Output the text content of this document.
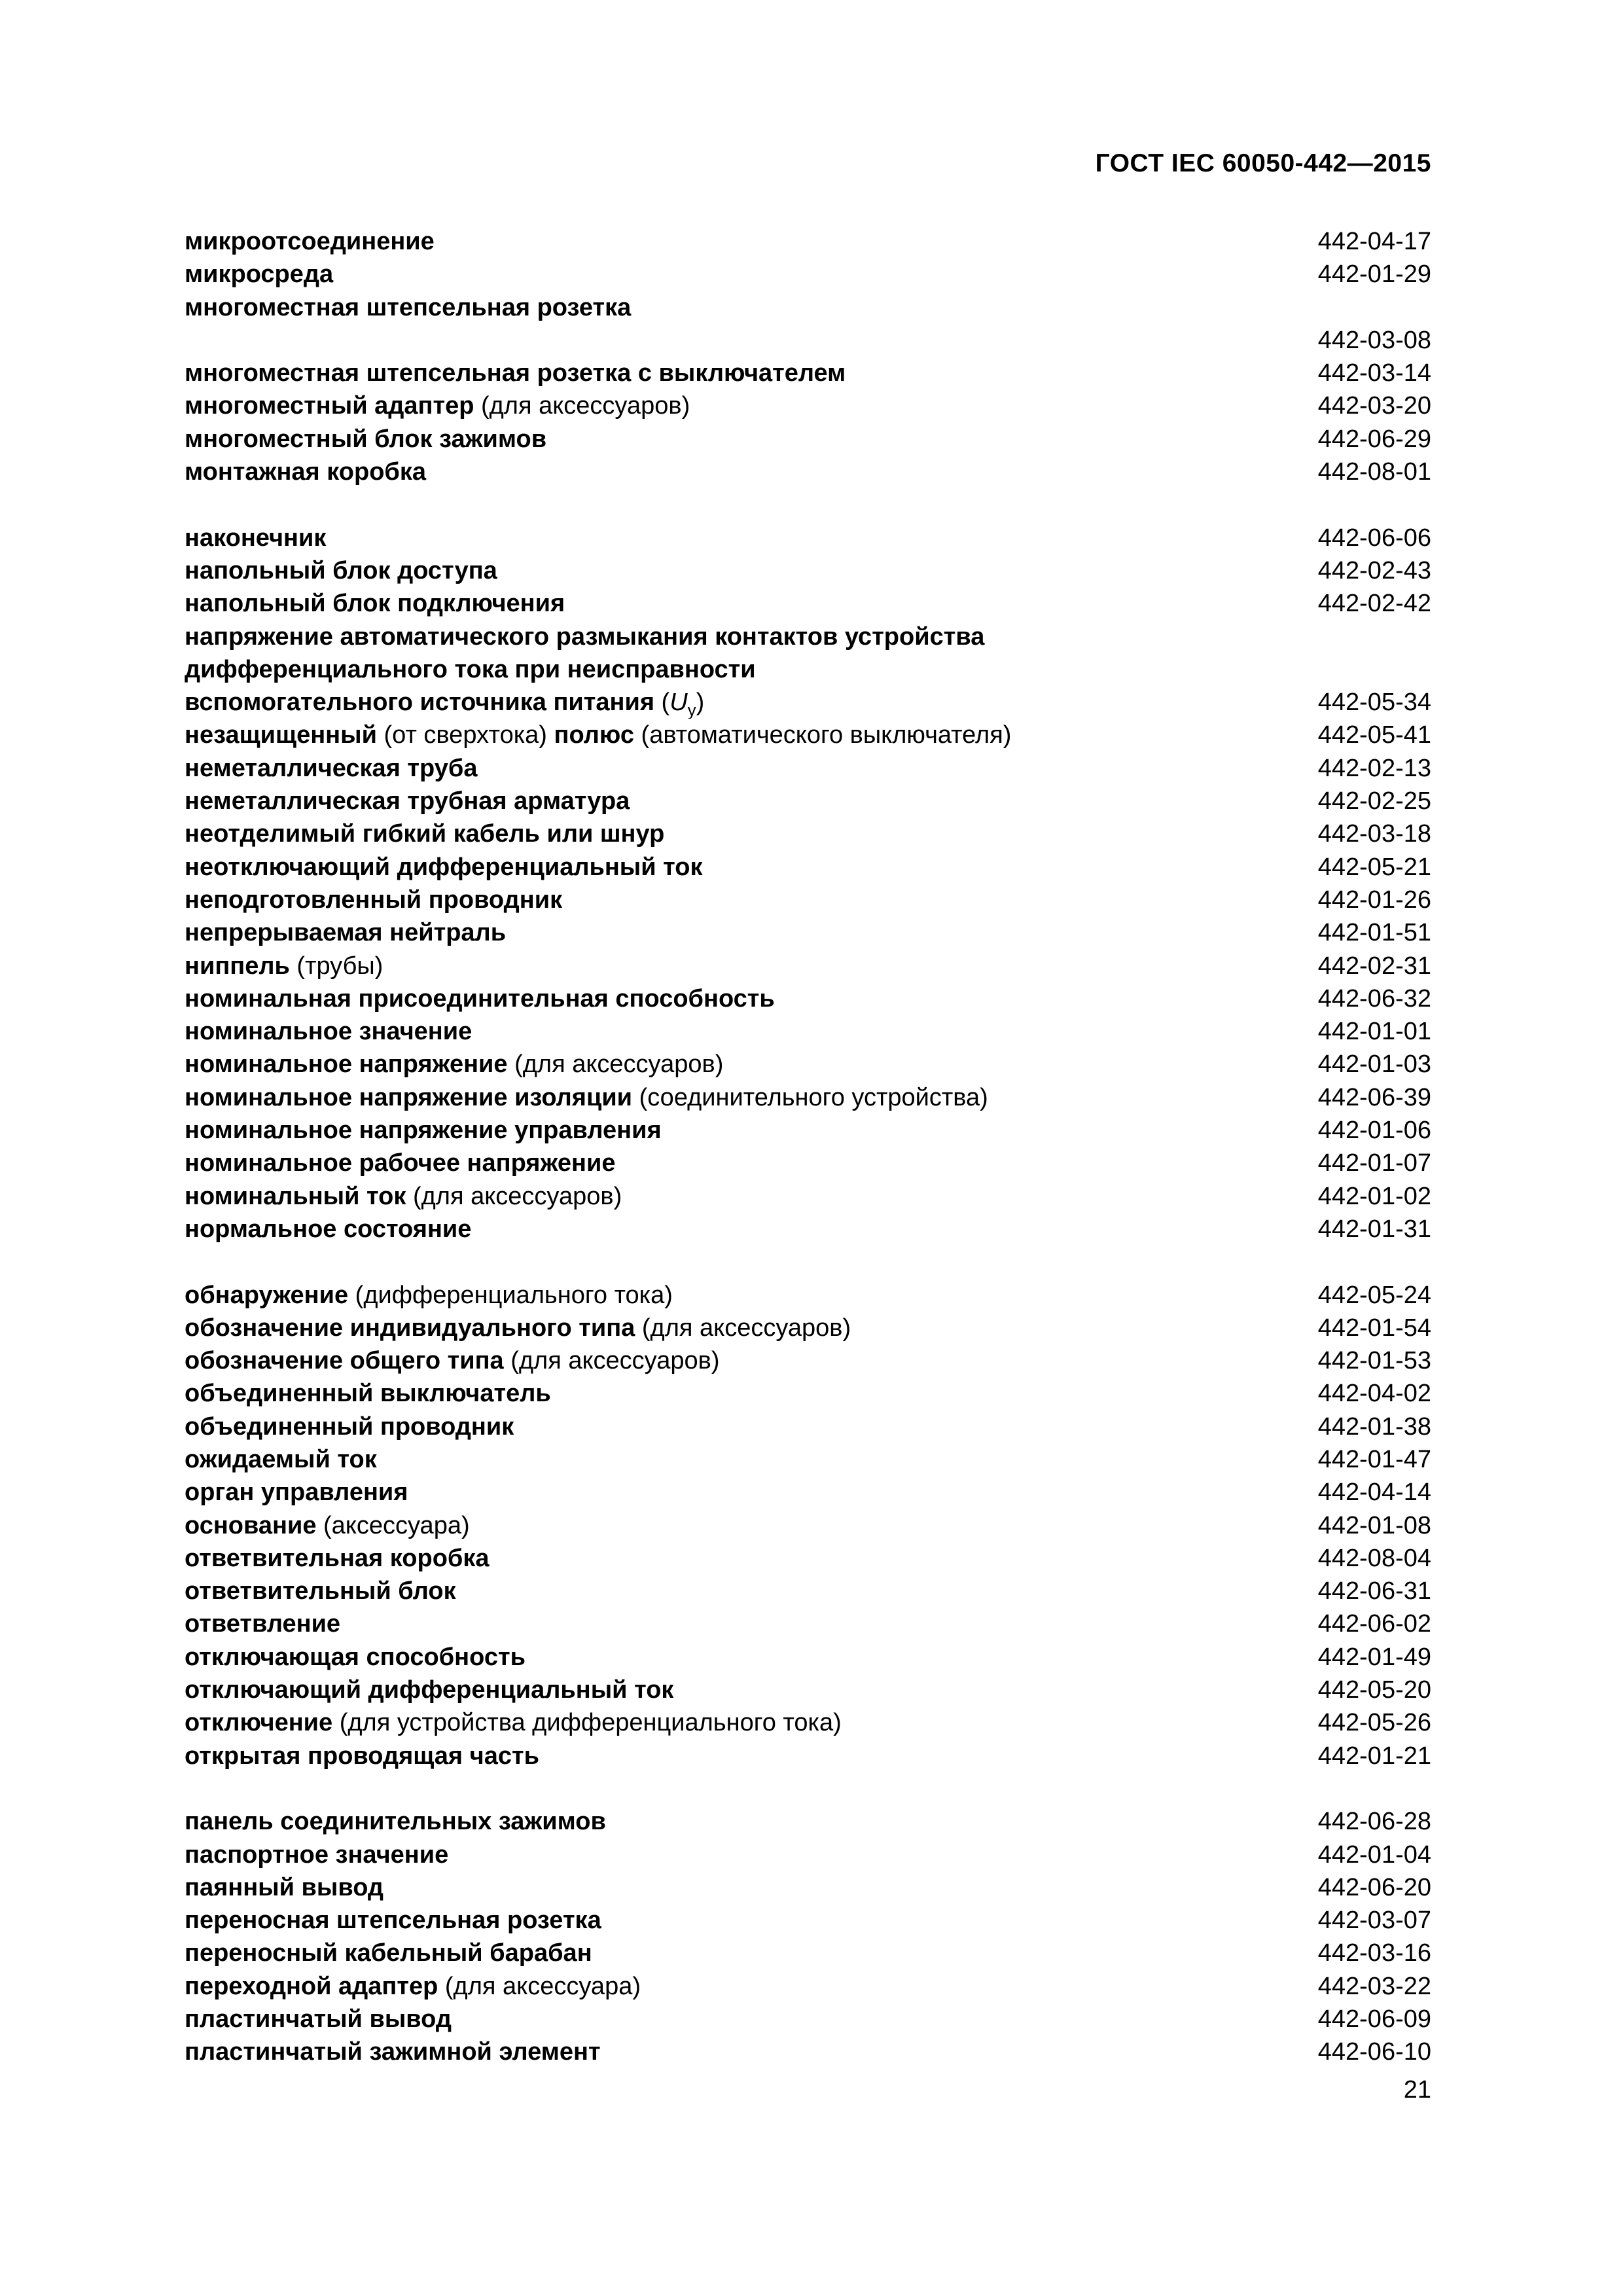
ГОСТ IEC 60050-442—2015
микроотсоединение	442-04-17
микросреда	442-01-29
многоместная штепсельная розетка
442-03-08
многоместная штепсельная розетка с выключателем	442-03-14
многоместный адаптер (для аксессуаров)	442-03-20
многоместный блок зажимов	442-06-29
монтажная коробка	442-08-01
наконечник	442-06-06
напольный блок доступа	442-02-43
напольный блок подключения	442-02-42
напряжение автоматического размыкания контактов устройства
дифференциального тока при неисправности
вспомогательного источника питания $(U_y)$	442-05-34
незащищенный (от сверхтока) полюс (автоматического выключателя)	442-05-41
неметаллическая труба	442-02-13
неметаллическая трубная арматура	442-02-25
неотделимый гибкий кабель или шнур	442-03-18
неотключающий дифференциальный ток	442-05-21
неподготовленный проводник	442-01-26
непрерываемая нейтраль	442-01-51
ниппель (трубы)	442-02-31
номинальная присоединительная способность	442-06-32
номинальное значение	442-01-01
номинальное напряжение (для аксессуаров)	442-01-03
номинальное напряжение изоляции (соединительного устройства)	442-06-39
номинальное напряжение управления	442-01-06
номинальное рабочее напряжение	442-01-07
номинальный ток (для аксессуаров)	442-01-02
нормальное состояние	442-01-31
обнаружение (дифференциального тока)	442-05-24
обозначение индивидуального типа (для аксессуаров)	442-01-54
обозначение общего типа (для аксессуаров)	442-01-53
объединенный выключатель	442-04-02
объединенный проводник	442-01-38
ожидаемый ток	442-01-47
орган управления	442-04-14
основание (аксессуара)	442-01-08
ответвительная коробка	442-08-04
ответвительный блок	442-06-31
ответвление	442-06-02
отключающая способность	442-01-49
отключающий дифференциальный ток	442-05-20
отключение (для устройства дифференциального тока)	442-05-26
открытая проводящая часть	442-01-21
панель соединительных зажимов	442-06-28
паспортное значение	442-01-04
паянный вывод	442-06-20
переносная штепсельная розетка	442-03-07
переносный кабельный барабан	442-03-16
переходной адаптер (для аксессуара)	442-03-22
пластинчатый вывод	442-06-09
пластинчатый зажимной элемент	442-06-10
21
